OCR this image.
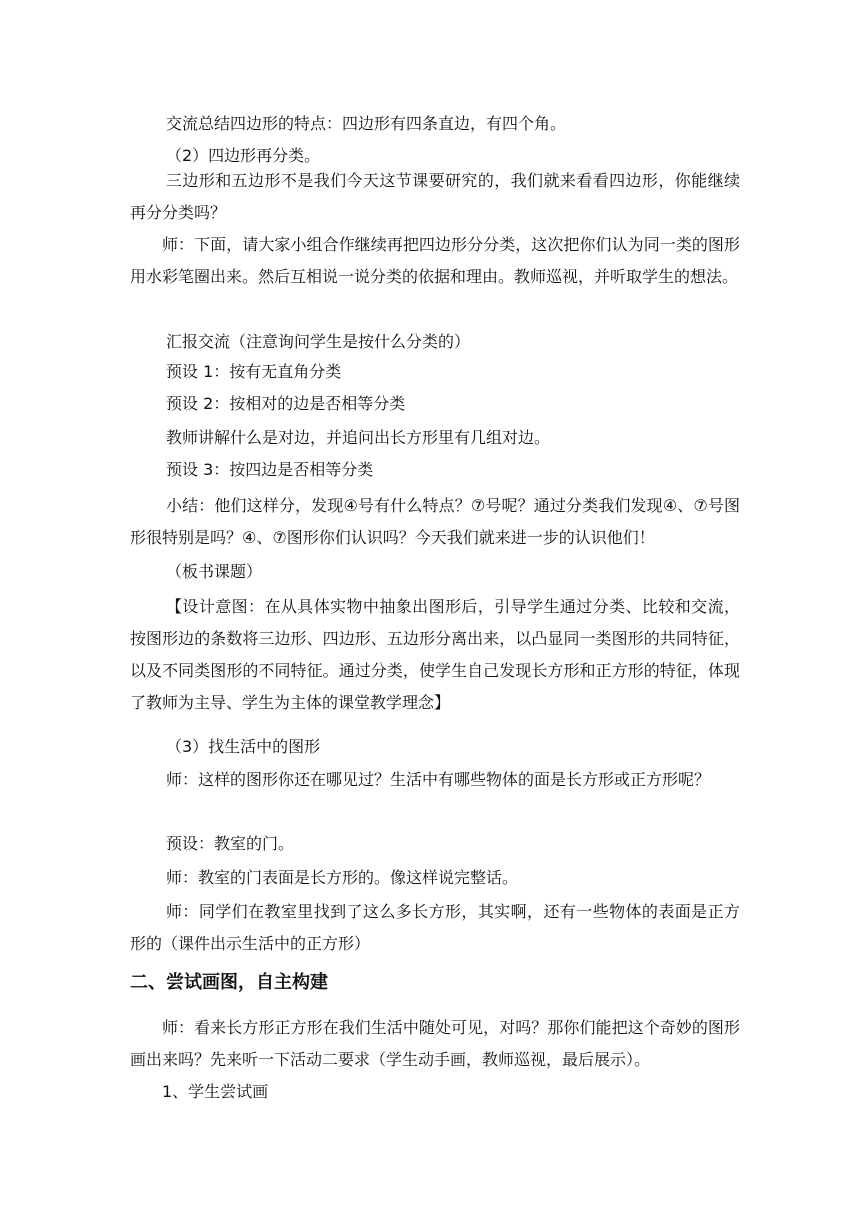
交流总结四边形的特点：四边形有四条直边，有四个角。

（2）四边形再分类。

三边形和五边形不是我们今天这节课要研究的，我们就来看看四边形，你能继续再分分类吗？

师：下面，请大家小组合作继续再把四边形分分类，这次把你们认为同一类的图形用水彩笔圈出来。然后互相说一说分类的依据和理由。教师巡视，并听取学生的想法。

汇报交流（注意询问学生是按什么分类的）

预设 1：按有无直角分类

预设 2：按相对的边是否相等分类

教师讲解什么是对边，并追问出长方形里有几组对边。

预设 3：按四边是否相等分类

小结：他们这样分，发现④号有什么特点？⑦号呢？通过分类我们发现④、⑦号图形很特别是吗？④、⑦图形你们认识吗？今天我们就来进一步的认识他们！

（板书课题）

【设计意图：在从具体实物中抽象出图形后，引导学生通过分类、比较和交流，按图形边的条数将三边形、四边形、五边形分离出来，以凸显同一类图形的共同特征，以及不同类图形的不同特征。通过分类，使学生自己发现长方形和正方形的特征，体现了教师为主导、学生为主体的课堂教学理念】

（3）找生活中的图形

师：这样的图形你还在哪见过？生活中有哪些物体的面是长方形或正方形呢？

预设：教室的门。

师：教室的门表面是长方形的。像这样说完整话。

师：同学们在教室里找到了这么多长方形，其实啊，还有一些物体的表面是正方形的（课件出示生活中的正方形）

二、尝试画图，自主构建

师：看来长方形正方形在我们生活中随处可见，对吗？那你们能把这个奇妙的图形画出来吗？先来听一下活动二要求（学生动手画，教师巡视，最后展示）。

1、学生尝试画
